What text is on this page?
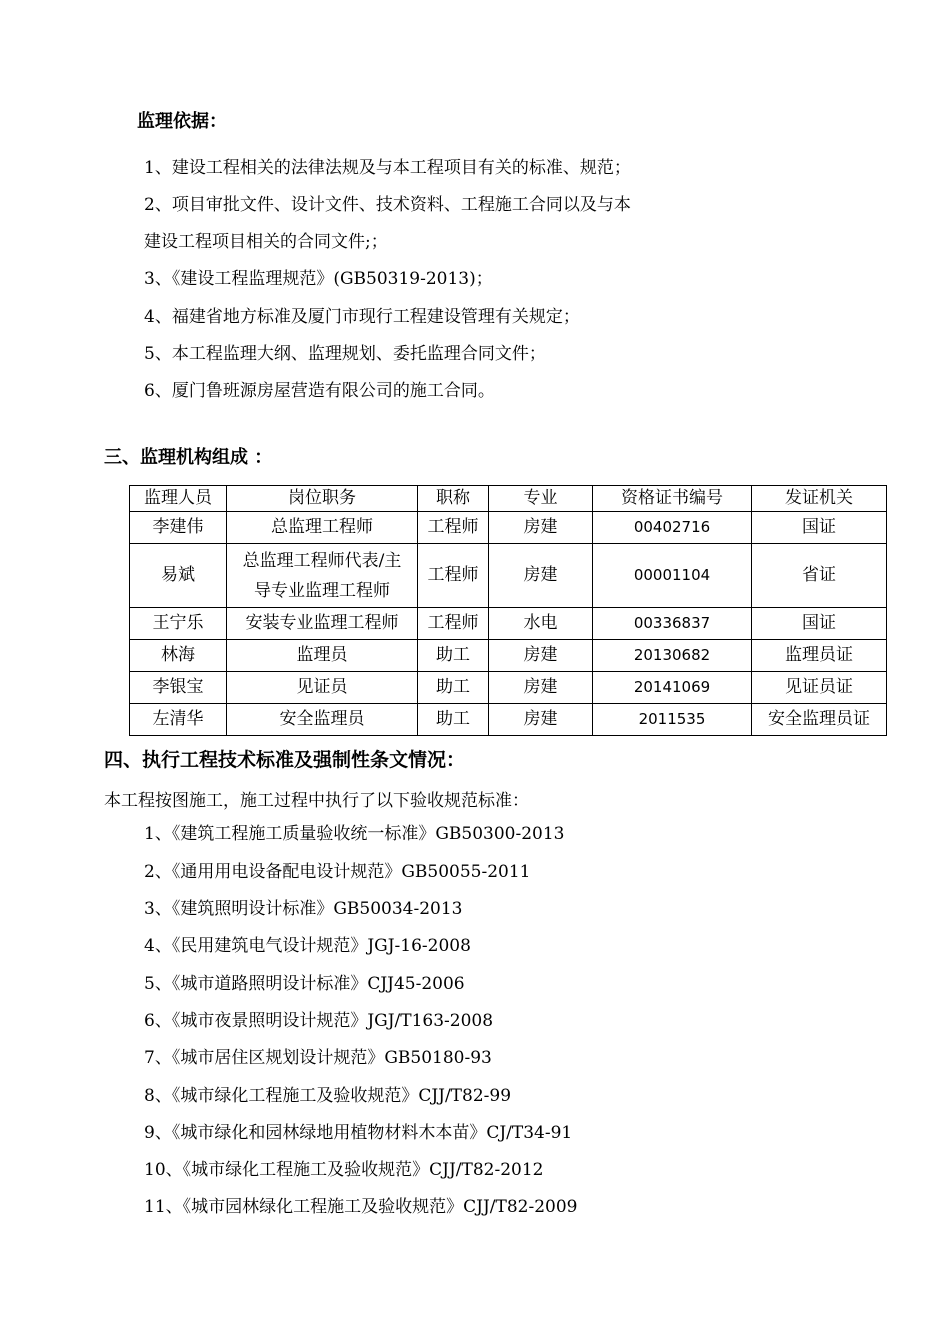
监理依据：
1、建设工程相关的法律法规及与本工程项目有关的标准、规范；
2、项目审批文件、设计文件、技术资料、工程施工合同以及与本
建设工程项目相关的合同文件;；
3、《建设工程监理规范》(GB50319-2013)；
4、福建省地方标准及厦门市现行工程建设管理有关规定；
5、本工程监理大纲、监理规划、委托监理合同文件；
6、厦门鲁班源房屋营造有限公司的施工合同。
三、监理机构组成 ：
监理人员	岗位职务	职称	专业	资格证书编号	发证机关
李建伟	总监理工程师	工程师	房建	00402716	国证
易斌	总监理工程师代表/主
导专业监理工程师	工程师	房建	00001104	省证
王宁乐	安装专业监理工程师	工程师	水电	00336837	国证
林海	监理员	助工	房建	20130682	监理员证
李银宝	见证员	助工	房建	20141069	见证员证
左清华	安全监理员	助工	房建	2011535	安全监理员证
四、执行工程技术标准及强制性条文情况：
本工程按图施工，施工过程中执行了以下验收规范标准：
1、《建筑工程施工质量验收统一标准》GB50300-2013
2、《通用用电设备配电设计规范》GB50055-2011
3、《建筑照明设计标准》GB50034-2013
4、《民用建筑电气设计规范》JGJ-16-2008
5、《城市道路照明设计标准》CJJ45-2006
6、《城市夜景照明设计规范》JGJ/T163-2008
7、《城市居住区规划设计规范》GB50180-93
8、《城市绿化工程施工及验收规范》CJJ/T82-99
9、《城市绿化和园林绿地用植物材料木本苗》CJ/T34-91
10、《城市绿化工程施工及验收规范》CJJ/T82-2012
11、《城市园林绿化工程施工及验收规范》CJJ/T82-2009
